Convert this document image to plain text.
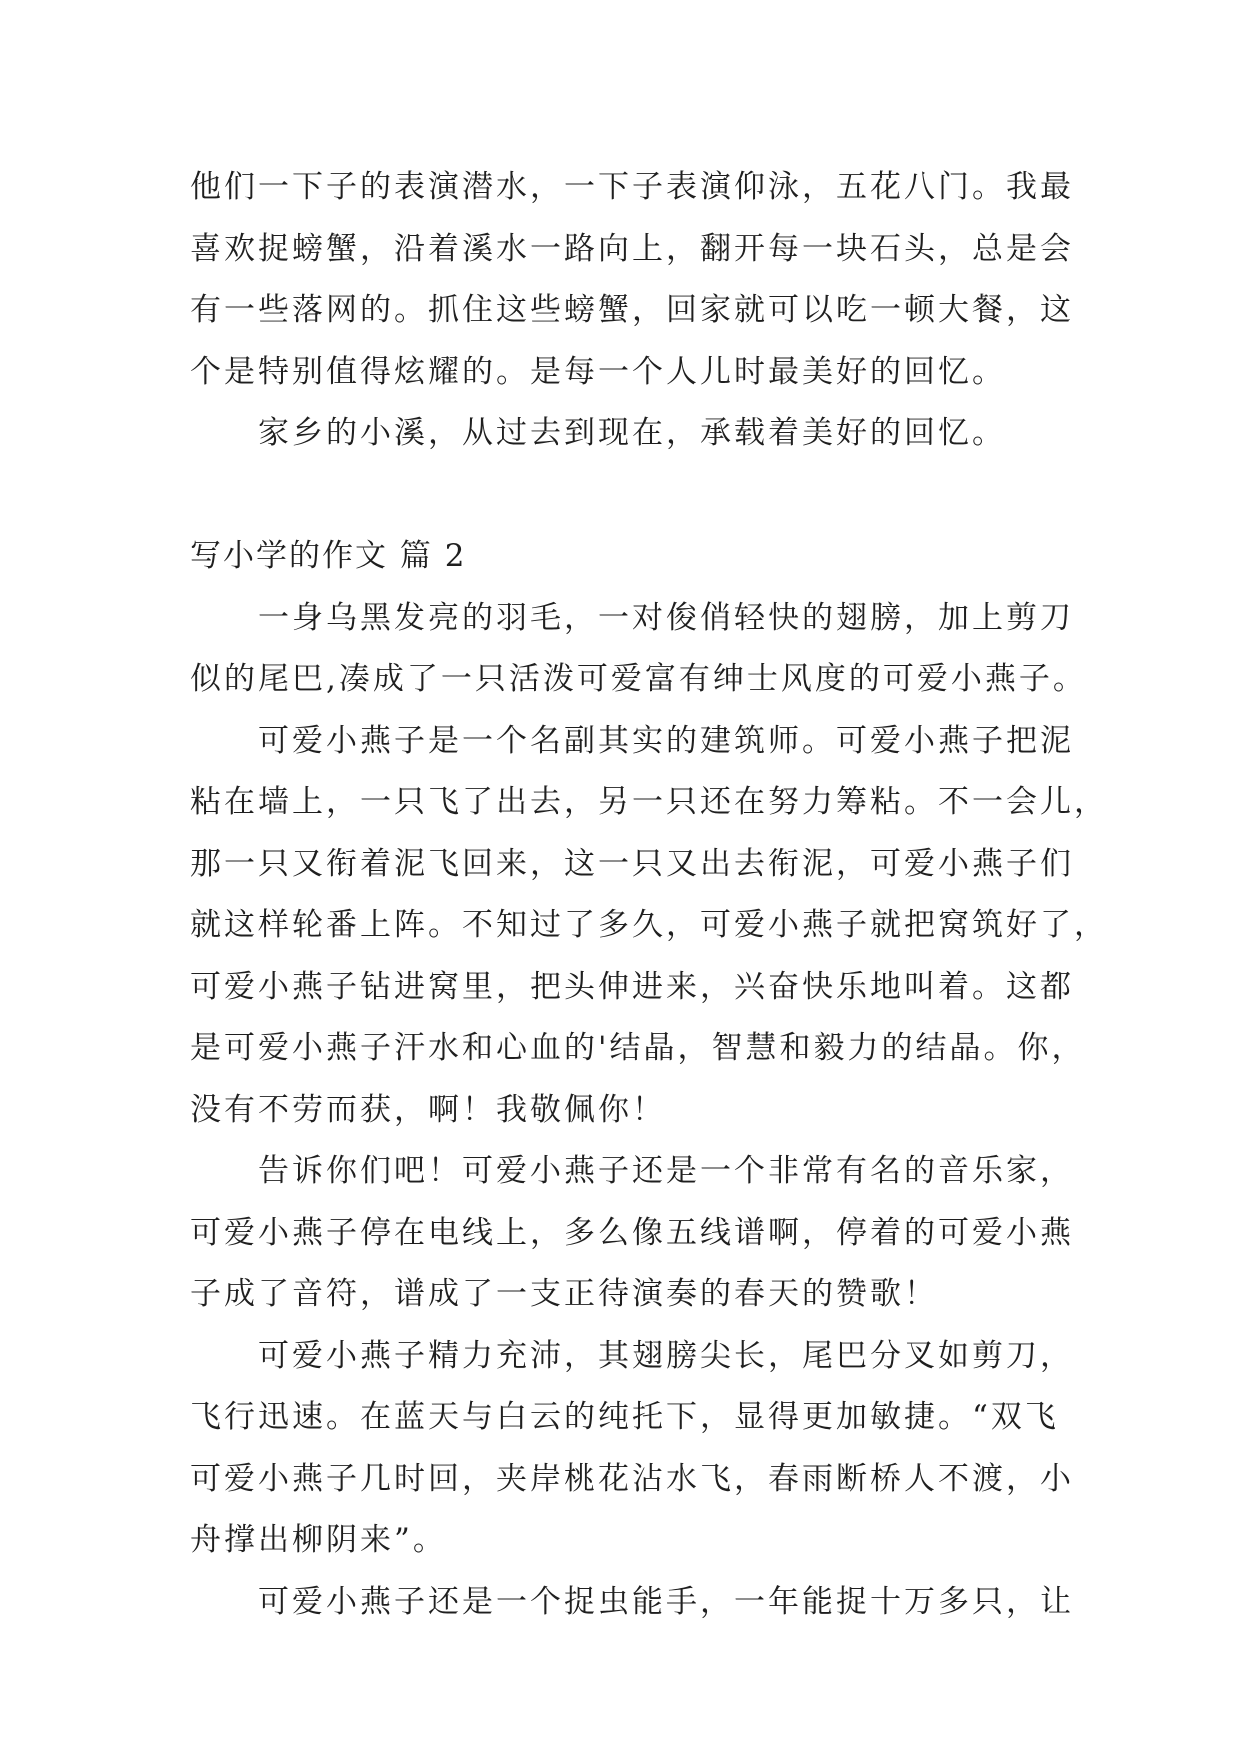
他们一下子的表演潜水，一下子表演仰泳，五花八门。我最
喜欢捉螃蟹，沿着溪水一路向上，翻开每一块石头，总是会
有一些落网的。抓住这些螃蟹，回家就可以吃一顿大餐，这
个是特别值得炫耀的。是每一个人儿时最美好的回忆。
家乡的小溪，从过去到现在，承载着美好的回忆。
写小学的作文 篇 2
一身乌黑发亮的羽毛，一对俊俏轻快的翅膀，加上剪刀
似的尾巴,凑成了一只活泼可爱富有绅士风度的可爱小燕子。
可爱小燕子是一个名副其实的建筑师。可爱小燕子把泥
粘在墙上，一只飞了出去，另一只还在努力筹粘。不一会儿，
那一只又衔着泥飞回来，这一只又出去衔泥，可爱小燕子们
就这样轮番上阵。不知过了多久，可爱小燕子就把窝筑好了，
可爱小燕子钻进窝里，把头伸进来，兴奋快乐地叫着。这都
是可爱小燕子汗水和心血的'结晶，智慧和毅力的结晶。你，
没有不劳而获，啊！我敬佩你！
告诉你们吧！可爱小燕子还是一个非常有名的音乐家，
可爱小燕子停在电线上，多么像五线谱啊，停着的可爱小燕
子成了音符，谱成了一支正待演奏的春天的赞歌！
可爱小燕子精力充沛，其翅膀尖长，尾巴分叉如剪刀，
飞行迅速。在蓝天与白云的纯托下，显得更加敏捷。“双飞
可爱小燕子几时回，夹岸桃花沾水飞，春雨断桥人不渡，小
舟撑出柳阴来”。
可爱小燕子还是一个捉虫能手，一年能捉十万多只，让
